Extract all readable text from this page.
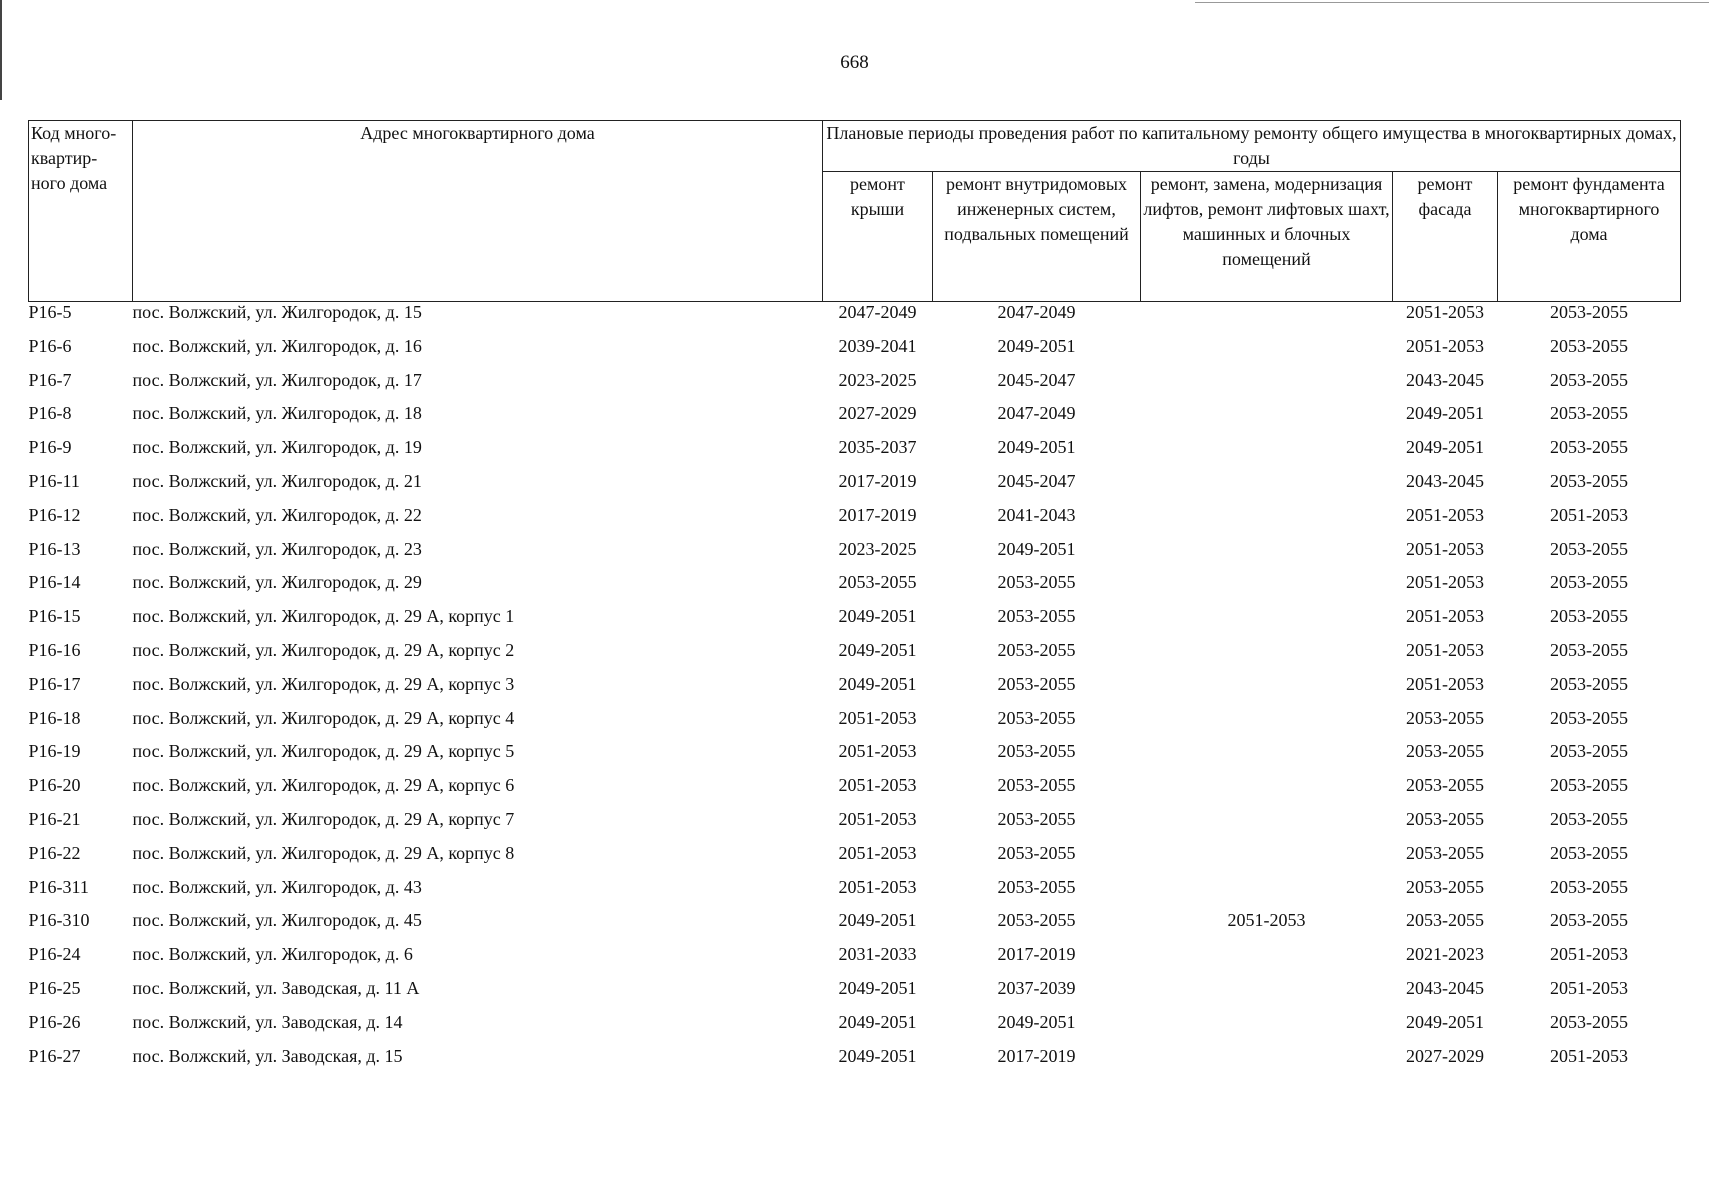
668
Код много-квартир-ного дома	Адрес многоквартирного дома	Плановые периоды проведения работ по капитальному ремонту общего имущества в многоквартирных домах, годы				
		ремонт крыши	ремонт внутридомовых инженерных систем, подвальных помещений	ремонт, замена, модернизация лифтов, ремонт лифтовых шахт, машинных и блочных помещений	ремонт фасада	ремонт фундамента многоквартирного дома
Р16-5	пос. Волжский, ул. Жилгородок, д. 15	2047-2049	2047-2049		2051-2053	2053-2055
Р16-6	пос. Волжский, ул. Жилгородок, д. 16	2039-2041	2049-2051		2051-2053	2053-2055
Р16-7	пос. Волжский, ул. Жилгородок, д. 17	2023-2025	2045-2047		2043-2045	2053-2055
Р16-8	пос. Волжский, ул. Жилгородок, д. 18	2027-2029	2047-2049		2049-2051	2053-2055
Р16-9	пос. Волжский, ул. Жилгородок, д. 19	2035-2037	2049-2051		2049-2051	2053-2055
Р16-11	пос. Волжский, ул. Жилгородок, д. 21	2017-2019	2045-2047		2043-2045	2053-2055
Р16-12	пос. Волжский, ул. Жилгородок, д. 22	2017-2019	2041-2043		2051-2053	2051-2053
Р16-13	пос. Волжский, ул. Жилгородок, д. 23	2023-2025	2049-2051		2051-2053	2053-2055
Р16-14	пос. Волжский, ул. Жилгородок, д. 29	2053-2055	2053-2055		2051-2053	2053-2055
Р16-15	пос. Волжский, ул. Жилгородок, д. 29 А, корпус 1	2049-2051	2053-2055		2051-2053	2053-2055
Р16-16	пос. Волжский, ул. Жилгородок, д. 29 А, корпус 2	2049-2051	2053-2055		2051-2053	2053-2055
Р16-17	пос. Волжский, ул. Жилгородок, д. 29 А, корпус 3	2049-2051	2053-2055		2051-2053	2053-2055
Р16-18	пос. Волжский, ул. Жилгородок, д. 29 А, корпус 4	2051-2053	2053-2055		2053-2055	2053-2055
Р16-19	пос. Волжский, ул. Жилгородок, д. 29 А, корпус 5	2051-2053	2053-2055		2053-2055	2053-2055
Р16-20	пос. Волжский, ул. Жилгородок, д. 29 А, корпус 6	2051-2053	2053-2055		2053-2055	2053-2055
Р16-21	пос. Волжский, ул. Жилгородок, д. 29 А, корпус 7	2051-2053	2053-2055		2053-2055	2053-2055
Р16-22	пос. Волжский, ул. Жилгородок, д. 29 А, корпус 8	2051-2053	2053-2055		2053-2055	2053-2055
Р16-311	пос. Волжский, ул. Жилгородок, д. 43	2051-2053	2053-2055		2053-2055	2053-2055
Р16-310	пос. Волжский, ул. Жилгородок, д. 45	2049-2051	2053-2055	2051-2053	2053-2055	2053-2055
Р16-24	пос. Волжский, ул. Жилгородок, д. 6	2031-2033	2017-2019		2021-2023	2051-2053
Р16-25	пос. Волжский, ул. Заводская, д. 11 А	2049-2051	2037-2039		2043-2045	2051-2053
Р16-26	пос. Волжский, ул. Заводская, д. 14	2049-2051	2049-2051		2049-2051	2053-2055
Р16-27	пос. Волжский, ул. Заводская, д. 15	2049-2051	2017-2019		2027-2029	2051-2053
